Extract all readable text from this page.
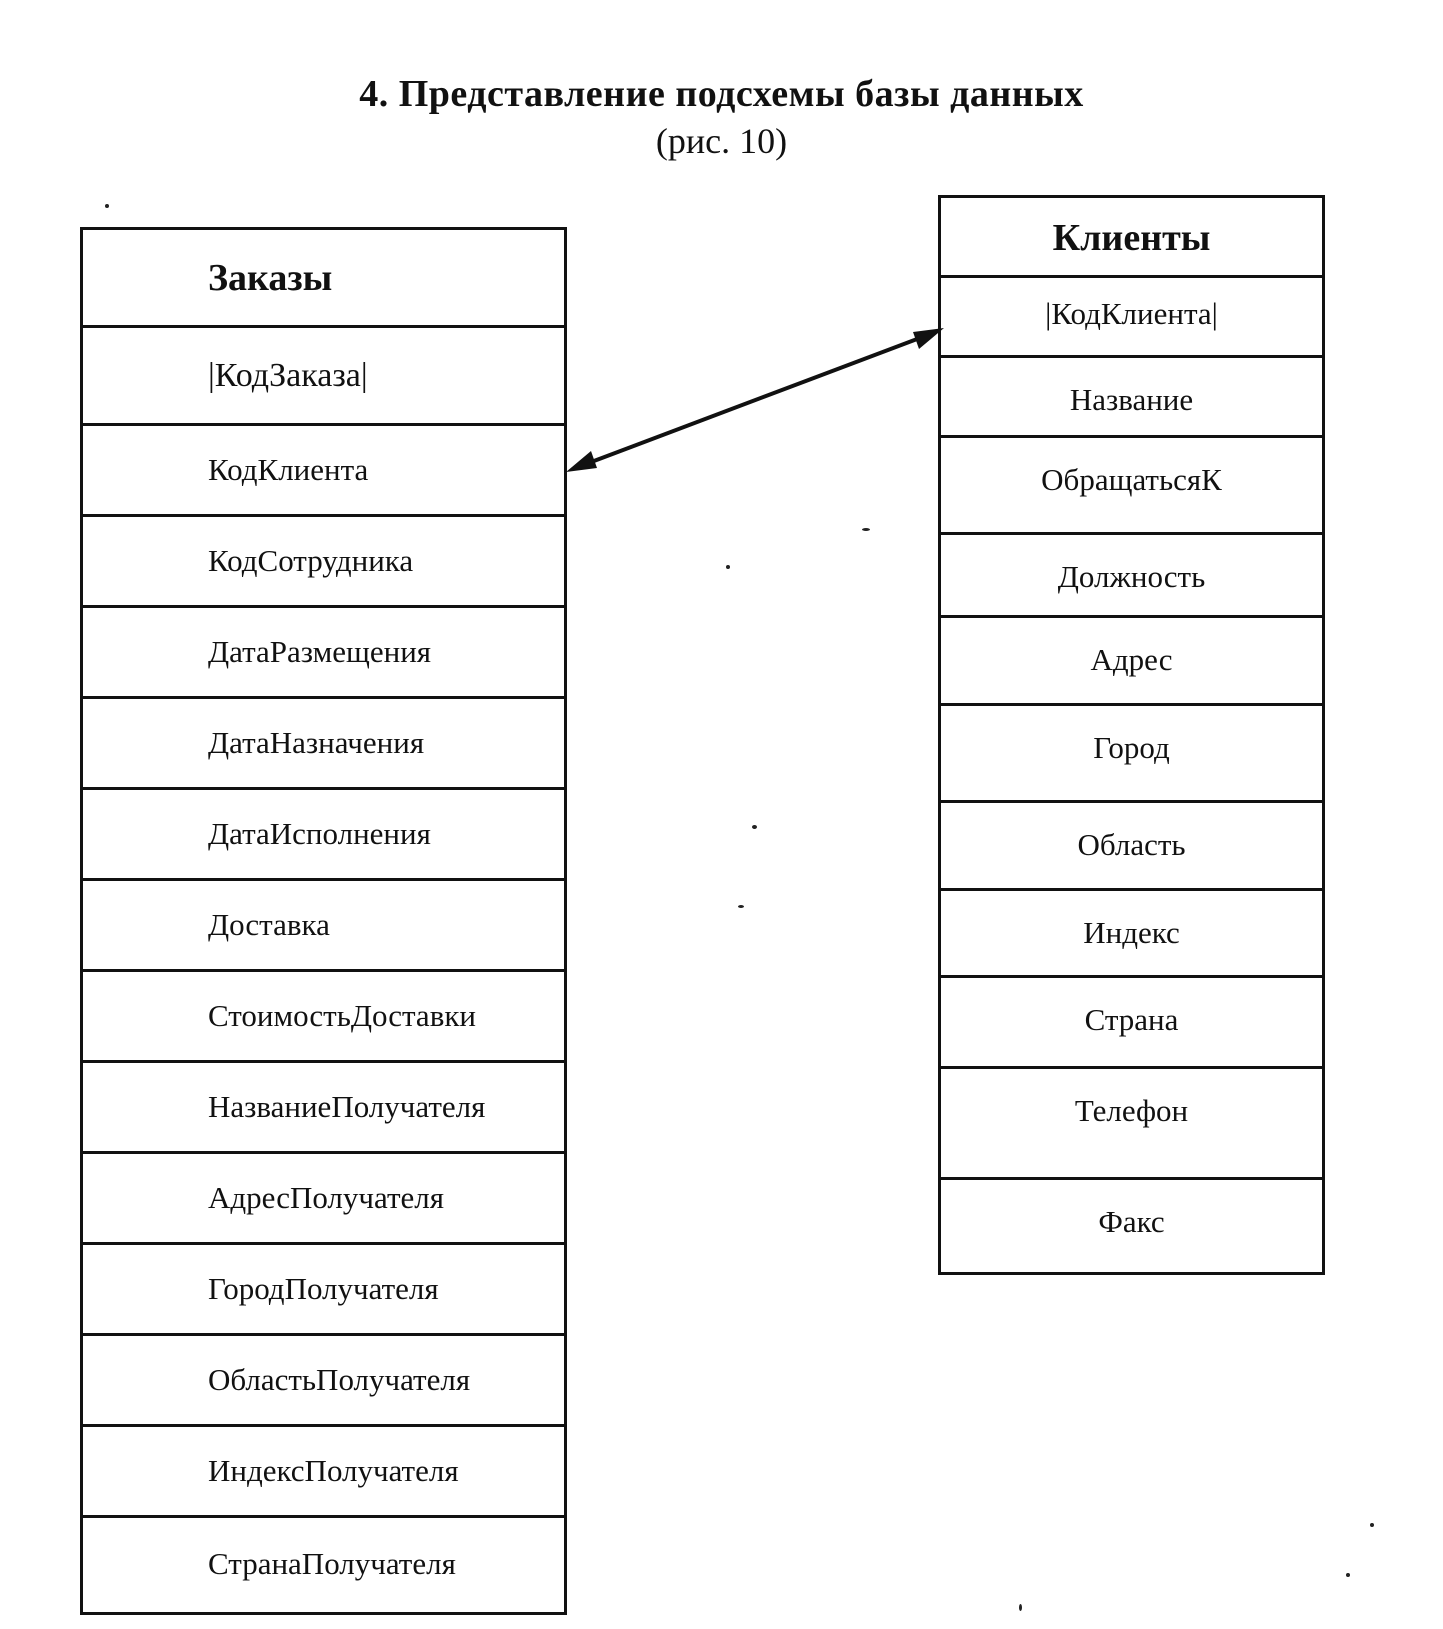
4. Представление подсхемы базы данных
(рис. 10)
Заказы
|КодЗаказа|
КодКлиента
КодСотрудника
ДатаРазмещения
ДатаНазначения
ДатаИсполнения
Доставка
СтоимостьДоставки
НазваниеПолучателя
АдресПолучателя
ГородПолучателя
ОбластьПолучателя
ИндексПолучателя
СтранаПолучателя
Клиенты
|КодКлиента|
Название
ОбращатьсяК
Должность
Адрес
Город
Область
Индекс
Страна
Телефон
Факс
